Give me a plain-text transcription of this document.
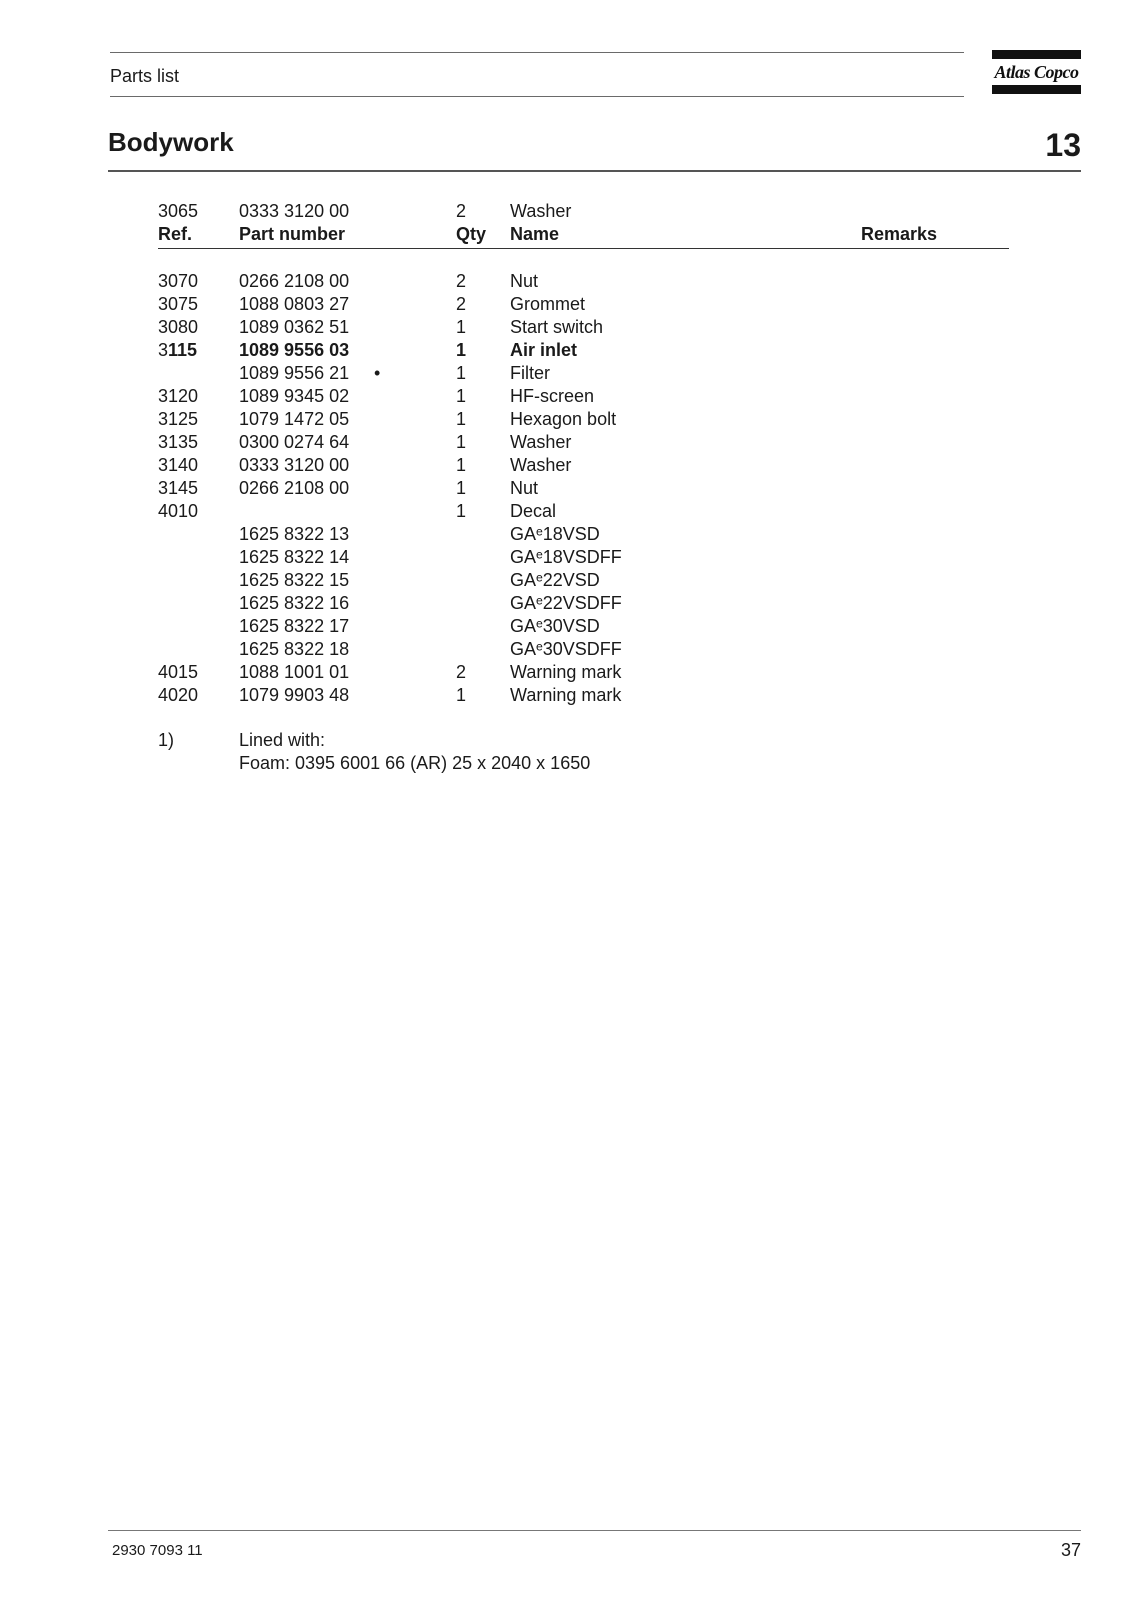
Parts list	Atlas Copco
Bodywork	13
3065 0333 3120 00	2 Washer
Ref.	Part number	Qty Name	Remarks
3070 0266 2108 00	2 Nut
3075 1088 0803 27	2 Grommet
3080 1089 0362 51	1 Start switch
3115 1089 9556 03	1 Air inlet
1089 9556 21 •	1 Filter
3120 1089 9345 02	1 HF-screen
3125 1079 1472 05	1 Hexagon bolt
3135 0300 0274 64	1 Washer
3140 0333 3120 00	1 Washer
3145 0266 2108 00	1 Nut
4010	1 Decal
1625 8322 13	GAᵉ18VSD
1625 8322 14	GAᵉ18VSDFF
1625 8322 15	GAᵉ22VSD
1625 8322 16	GAᵉ22VSDFF
1625 8322 17	GAᵉ30VSD
1625 8322 18	GAᵉ30VSDFF
4015 1088 1001 01	2 Warning mark
4020 1079 9903 48	1 Warning mark
1)	Lined with:
Foam: 0395 6001 66 (AR) 25 x 2040 x 1650
2930 7093 11	37
